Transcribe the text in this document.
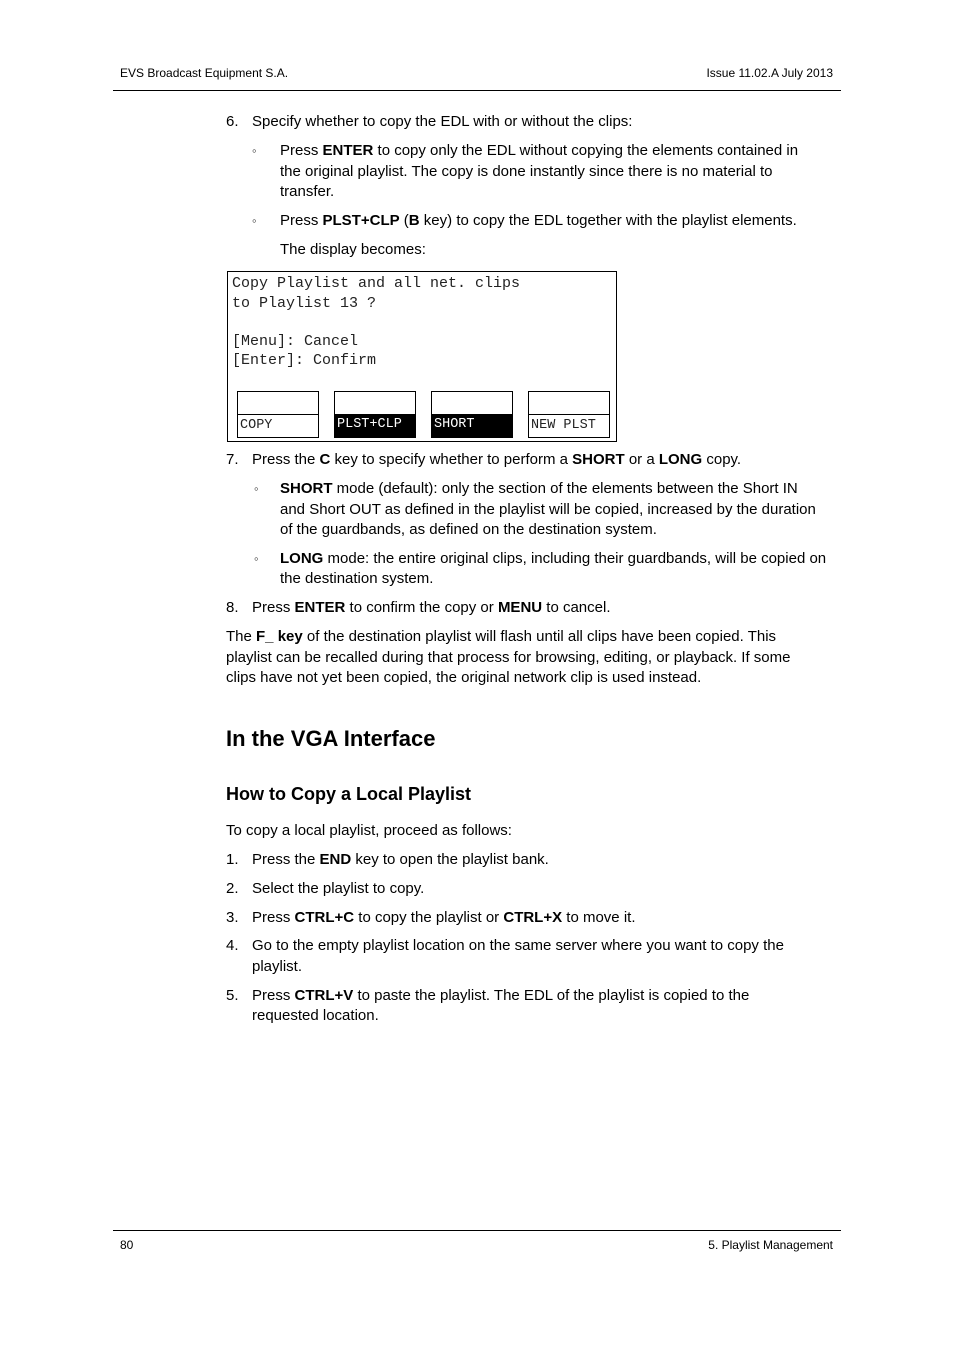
EVS Broadcast Equipment S.A.	Issue 11.02.A July 2013
6. Specify whether to copy the EDL with or without the clips:
◦ Press ENTER to copy only the EDL without copying the elements contained in
the original playlist. The copy is done instantly since there is no material to
transfer.
◦ Press PLST+CLP (B key) to copy the EDL together with the playlist elements.
The display becomes:
Copy Playlist and all net. clips
to Playlist 13 ?
[Menu]: Cancel
[Enter]: Confirm
COPY	PLST+CLP	SHORT	NEW PLST
7. Press the C key to specify whether to perform a SHORT or a LONG copy.
◦ SHORT mode (default): only the section of the elements between the Short IN
and Short OUT as defined in the playlist will be copied, increased by the duration
of the guardbands, as defined on the destination system.
◦ LONG mode: the entire original clips, including their guardbands, will be copied on
the destination system.
8. Press ENTER to confirm the copy or MENU to cancel.
The F_ key of the destination playlist will flash until all clips have been copied. This
playlist can be recalled during that process for browsing, editing, or playback. If some
clips have not yet been copied, the original network clip is used instead.
In the VGA Interface
How to Copy a Local Playlist
To copy a local playlist, proceed as follows:
1. Press the END key to open the playlist bank.
2. Select the playlist to copy.
3. Press CTRL+C to copy the playlist or CTRL+X to move it.
4. Go to the empty playlist location on the same server where you want to copy the
playlist.
5. Press CTRL+V to paste the playlist. The EDL of the playlist is copied to the
requested location.
80	5. Playlist Management
